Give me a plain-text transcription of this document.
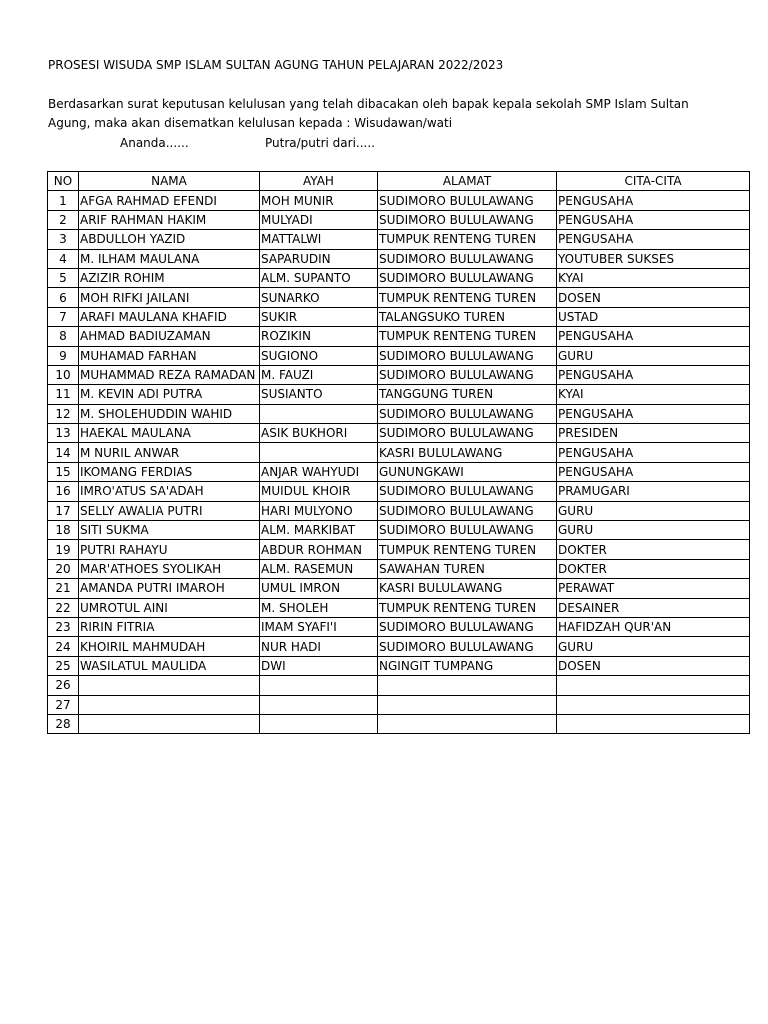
PROSESI WISUDA SMP ISLAM SULTAN AGUNG TAHUN PELAJARAN 2022/2023
Berdasarkan surat keputusan kelulusan yang telah dibacakan oleh bapak kepala sekolah SMP Islam Sultan
Agung, maka akan disematkan kelulusan kepada : Wisudawan/wati
Ananda......	Putra/putri dari.....
NO	NAMA	AYAH	ALAMAT	CITA-CITA
1	AFGA RAHMAD EFENDI	MOH MUNIR	SUDIMORO BULULAWANG	PENGUSAHA
2	ARIF RAHMAN HAKIM	MULYADI	SUDIMORO BULULAWANG	PENGUSAHA
3	ABDULLOH YAZID	MATTALWI	TUMPUK RENTENG TUREN	PENGUSAHA
4	M. ILHAM MAULANA	SAPARUDIN	SUDIMORO BULULAWANG	YOUTUBER SUKSES
5	AZIZIR ROHIM	ALM. SUPANTO	SUDIMORO BULULAWANG	KYAI
6	MOH RIFKI JAILANI	SUNARKO	TUMPUK RENTENG TUREN	DOSEN
7	ARAFI MAULANA KHAFID	SUKIR	TALANGSUKO TUREN	USTAD
8	AHMAD BADIUZAMAN	ROZIKIN	TUMPUK RENTENG TUREN	PENGUSAHA
9	MUHAMAD FARHAN	SUGIONO	SUDIMORO BULULAWANG	GURU
10	MUHAMMAD REZA RAMADAN	M. FAUZI	SUDIMORO BULULAWANG	PENGUSAHA
11	M. KEVIN ADI PUTRA	SUSIANTO	TANGGUNG TUREN	KYAI
12	M. SHOLEHUDDIN WAHID		SUDIMORO BULULAWANG	PENGUSAHA
13	HAEKAL MAULANA	ASIK BUKHORI	SUDIMORO BULULAWANG	PRESIDEN
14	M NURIL ANWAR		KASRI BULULAWANG	PENGUSAHA
15	IKOMANG FERDIAS	ANJAR WAHYUDI	GUNUNGKAWI	PENGUSAHA
16	IMRO'ATUS SA'ADAH	MUIDUL KHOIR	SUDIMORO BULULAWANG	PRAMUGARI
17	SELLY AWALIA PUTRI	HARI MULYONO	SUDIMORO BULULAWANG	GURU
18	SITI SUKMA	ALM. MARKIBAT	SUDIMORO BULULAWANG	GURU
19	PUTRI RAHAYU	ABDUR ROHMAN	TUMPUK RENTENG TUREN	DOKTER
20	MAR'ATHOES SYOLIKAH	ALM. RASEMUN	SAWAHAN TUREN	DOKTER
21	AMANDA PUTRI IMAROH	UMUL IMRON	KASRI BULULAWANG	PERAWAT
22	UMROTUL AINI	M. SHOLEH	TUMPUK RENTENG TUREN	DESAINER
23	RIRIN FITRIA	IMAM SYAFI'I	SUDIMORO BULULAWANG	HAFIDZAH QUR'AN
24	KHOIRIL MAHMUDAH	NUR HADI	SUDIMORO BULULAWANG	GURU
25	WASILATUL MAULIDA	DWI	NGINGIT TUMPANG	DOSEN
26				
27				
28				
